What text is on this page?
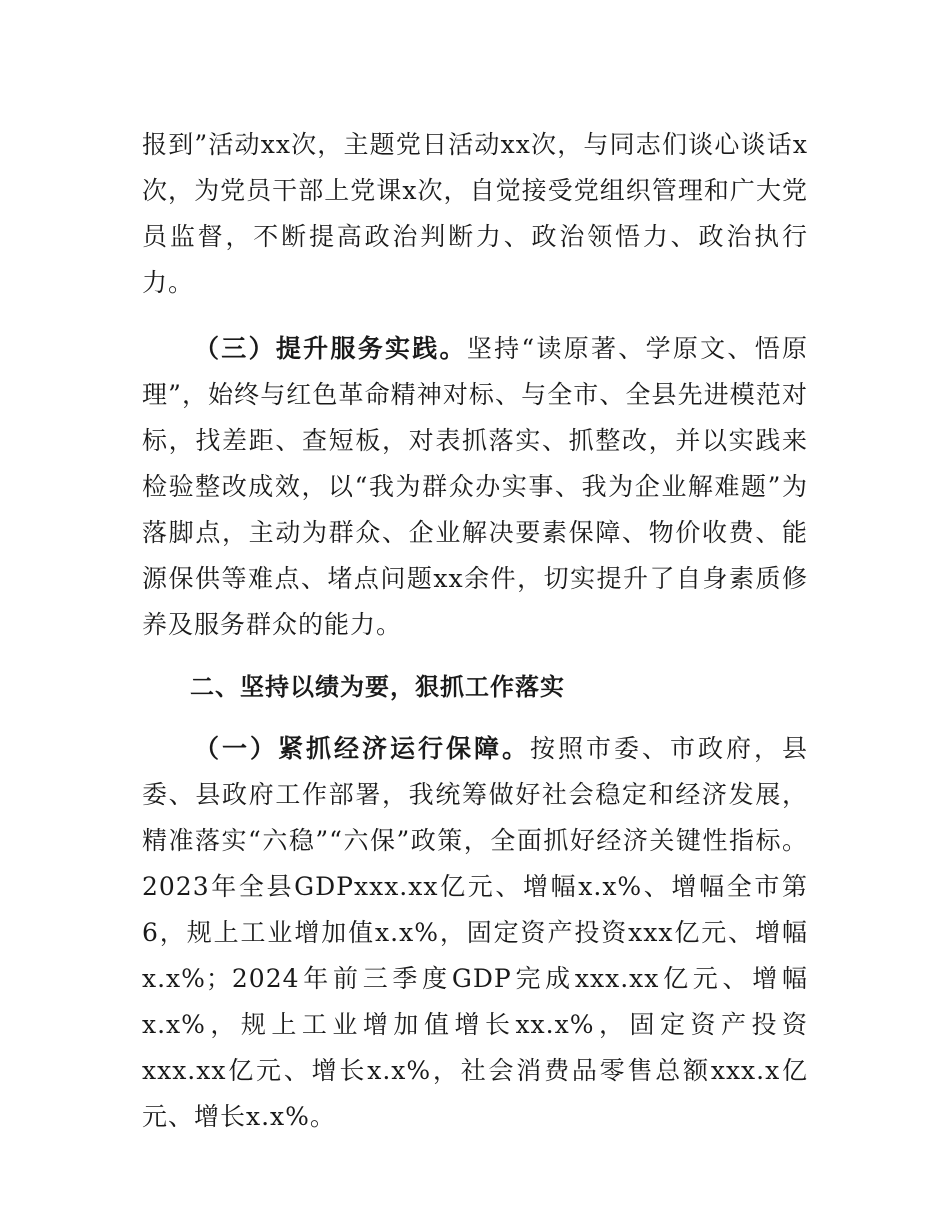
报到”活动xx次，主题党日活动xx次，与同志们谈心谈话x次，为党员干部上党课x次，自觉接受党组织管理和广大党员监督，不断提高政治判断力、政治领悟力、政治执行力。

（三）提升服务实践。坚持“读原著、学原文、悟原理”，始终与红色革命精神对标、与全市、全县先进模范对标，找差距、查短板，对表抓落实、抓整改，并以实践来检验整改成效，以“我为群众办实事、我为企业解难题”为落脚点，主动为群众、企业解决要素保障、物价收费、能源保供等难点、堵点问题xx余件，切实提升了自身素质修养及服务群众的能力。

二、坚持以绩为要，狠抓工作落实

（一）紧抓经济运行保障。按照市委、市政府，县委、县政府工作部署，我统筹做好社会稳定和经济发展，精准落实“六稳”“六保”政策，全面抓好经济关键性指标。2023年全县GDPxxx.xx亿元、增幅x.x%、增幅全市第6，规上工业增加值x.x%，固定资产投资xxx亿元、增幅x.x%；2024年前三季度GDP完成xxx.xx亿元、增幅x.x%，规上工业增加值增长xx.x%，固定资产投资xxx.xx亿元、增长x.x%，社会消费品零售总额xxx.x亿元、增长x.x%。
